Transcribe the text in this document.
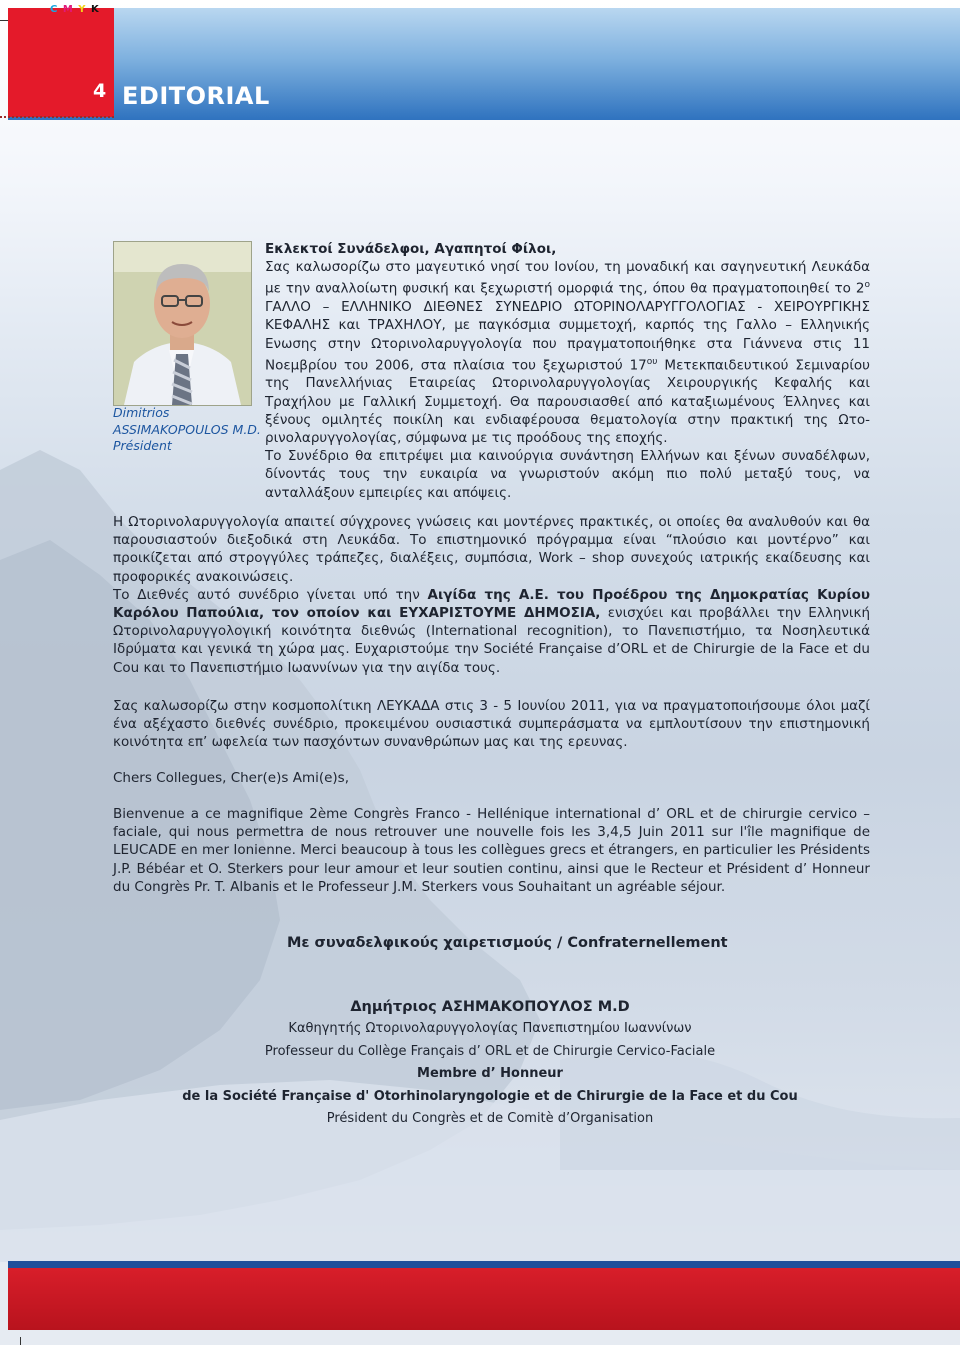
C M Y K
4 EDITORIAL
Dimitrios
ASSIMAKOPOULOS M.D.
Président

Εκλεκτοί Συνάδελφοι, Αγαπητοί Φίλοι,

Σας καλωσορίζω στο μαγευτικό νησί του Ιονίου, τη μοναδική και σαγηνευτική Λευκάδα με την αναλλοίωτη φυσική και ξεχωριστή ομορφιά της, όπου θα πραγματοποιηθεί το $2^o$ ΓΑΛΛΟ – ΕΛΛΗΝΙΚΟ ΔΙΕΘΝΕΣ ΣΥΝΕΔΡΙΟ ΩΤΟΡΙΝΟΛΑΡΥΓΓΟΛΟΓΙΑΣ - ΧΕΙΡΟΥΡΓΙΚΗΣ ΚΕΦΑΛΗΣ και ΤΡΑΧΗΛΟΥ, με παγκόσμια συμμετοχή, καρπός της Γαλλο – Ελληνικής Ενωσης στην Ωτορινολαρυγγολογία που πραγματοποιήθηκε στα Γιάννενα στις 11 Νοεμβρίου του 2006, στα πλαίσια του ξεχωριστού $17^{o\upsilon}$ Μετεκπαιδευτικού Σεμιναρίου της Πανελλήνιας Εταιρείας Ωτορινολαρυγγολογίας Χειρουργικής Κεφαλής και Τραχήλου με Γαλλική Συμμετοχή. Θα παρουσιασθεί από καταξιωμένους Έλληνες και ξένους ομιλητές ποικίλη και ενδιαφέρουσα θεματολογία στην πρακτική της Ωτο-ρινολαρυγγολογίας, σύμφωνα με τις προόδους της εποχής.

Το Συνέδριο θα επιτρέψει μια καινούργια συνάντηση Ελλήνων και ξένων συναδέλφων, δίνοντάς τους την ευκαιρία να γνωριστούν ακόμη πιο πολύ μεταξύ τους, να ανταλλάξουν εμπειρίες και απόψεις.

Η Ωτορινολαρυγγολογία απαιτεί σύγχρονες γνώσεις και μοντέρνες πρακτικές, οι οποίες θα αναλυθούν και θα παρουσιαστούν διεξοδικά στη Λευκάδα. Το επιστημονικό πρόγραμμα είναι “πλούσιο και μοντέρνο” και προικίζεται από στρογγύλες τράπεζες, διαλέξεις, συμπόσια, Work – shop συνεχούς ιατρικής εκαίδευσης και προφορικές ανακοινώσεις.

Το Διεθνές αυτό συνέδριο γίνεται υπό την Αιγίδα της Α.Ε. του Προέδρου της Δημοκρατίας Κυρίου Καρόλου Παπούλια, τον οποίον και ΕΥΧΑΡΙΣΤΟΥΜΕ ΔΗΜΟΣΙΑ, ενισχύει και προβάλλει την Ελληνική Ωτορινολαρυγγολογική κοινότητα διεθνώς (International recognition), το Πανεπιστήμιο, τα Νοσηλευτικά Ιδρύματα και γενικά τη χώρα μας. Ευχαριστούμε την Société Française d’ORL et de Chirurgie de la Face et du Cou και το Πανεπιστήμιο Ιωαννίνων για την αιγίδα τους.

Σας καλωσορίζω στην κοσμοπολίτικη ΛΕΥΚΑΔΑ στις 3 - 5 Ιουνίου 2011, για να πραγματοποιήσουμε όλοι μαζί ένα αξέχαστο διεθνές συνέδριο, προκειμένου ουσιαστικά συμπεράσματα να εμπλουτίσουν την επιστημονική κοινότητα επ’ ωφελεία των πασχόντων συνανθρώπων μας και της ερευνας.

Chers Collegues, Cher(e)s Ami(e)s,

Bienvenue a ce magnifique 2ème Congrès Franco - Hellénique international d’ ORL et de chirurgie cervico – faciale, qui nous permettra de nous retrouver une nouvelle fois les 3,4,5 Juin 2011 sur l'île magnifique de LEUCADE en mer Ionienne. Merci beaucoup à tous les collègues grecs et étrangers, en particulier les Présidents J.P. Bébéar et O. Sterkers pour leur amour et leur soutien continu, ainsi que le Recteur et Président d’ Honneur du Congrès Pr. T. Albanis et le Professeur J.M. Sterkers vous Souhaitant un agréable séjour.

Με συναδελφικούς χαιρετισμούς / Confraternellement
Δημήτριος ΑΣΗΜΑΚΟΠΟΥΛΟΣ Μ.D
Καθηγητής Ωτορινολαρυγγολογίας Πανεπιστημίου Ιωαννίνων
Professeur du Collège Français d’ ORL et de Chirurgie Cervico-Faciale
Membre d’ Honneur
de la Société Française d' Otorhinolaryngologie et de Chirurgie de la Face et du Cou
Président du Congrès et de Comitè d’Organisation
